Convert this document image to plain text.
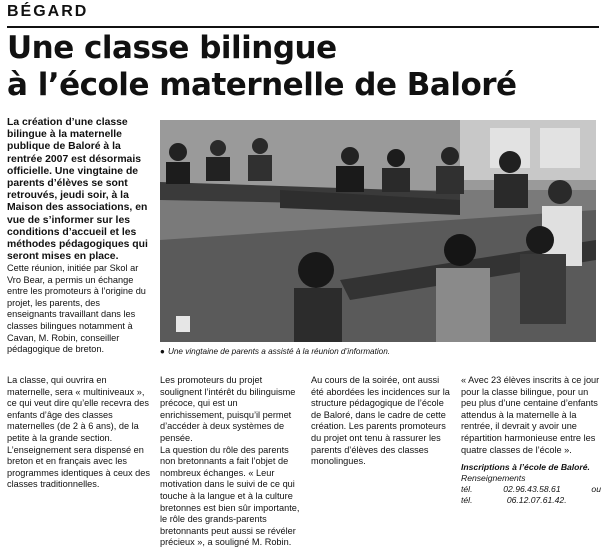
BÉGARD
Une classe bilingue
à l’école maternelle de Baloré

La création d’une classe bilingue à la maternelle publique de Baloré à la rentrée 2007 est désormais officielle. Une vingtaine de parents d’élèves se sont retrouvés, jeudi soir, à la Maison des associations, en vue de s’informer sur les conditions d’accueil et les méthodes pédagogiques qui seront mises en place.

● Une vingtaine de parents a assisté à la réunion d’information.

Cette réunion, initiée par Skol ar Vro Bear, a permis un échange entre les promoteurs à l’origine du projet, les parents, des enseignants travaillant dans les classes bilingues notamment à Cavan, M. Robin, conseiller pédagogique de breton.

La classe, qui ouvrira en maternelle, sera « multiniveaux », ce qui veut dire qu’elle recevra des enfants d’âge des classes maternelles (de 2 à 6 ans), de la petite à la grande section. L’enseignement sera dispensé en breton et en français avec les programmes identiques à ceux des classes traditionnelles.

Les promoteurs du projet soulignent l’intérêt du bilinguisme précoce, qui est un enrichissement, puisqu’il permet d’accéder à deux systèmes de pensée.

La question du rôle des parents non bretonnants a fait l’objet de nombreux échanges. « Leur motivation dans le suivi de ce qui touche à la langue et à la culture bretonnes est bien sûr importante, le rôle des grands-parents bretonnants peut aussi se révéler précieux », a souligné M. Robin.

Au cours de la soirée, ont aussi été abordées les incidences sur la structure pédagogique de l’école de Baloré, dans le cadre de cette création. Les parents promoteurs du projet ont tenu à rassurer les parents d’élèves des classes monolingues.

« Avec 23 élèves inscrits à ce jour pour la classe bilingue, pour un peu plus d’une centaine d’enfants attendus à la maternelle à la rentrée, il devrait y avoir une répartition harmonieuse entre les quatre classes de l’école ».

Inscriptions à l’école de Baloré.
Renseignements
tél.	02.96.43.58.61	ou
tél.	06.12.07.61.42.
